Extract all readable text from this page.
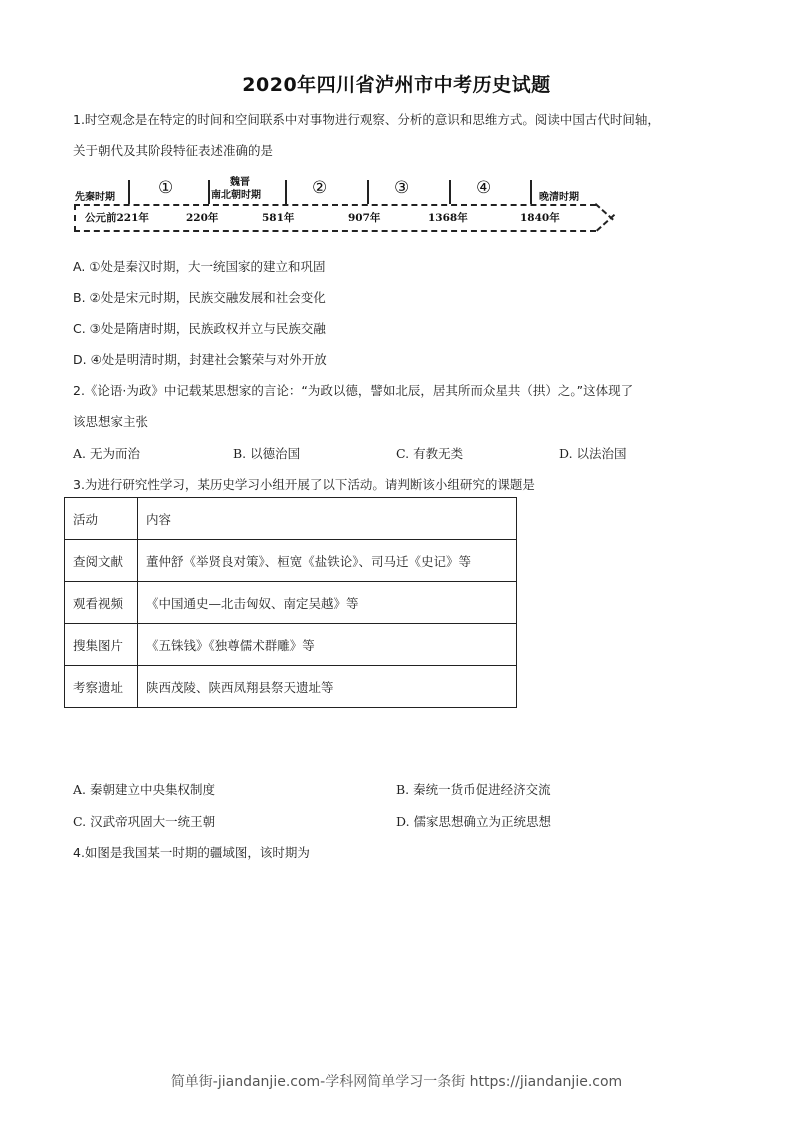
2020年四川省泸州市中考历史试题
1.时空观念是在特定的时间和空间联系中对事物进行观察、分析的意识和思维方式。阅读中国古代时间轴，
关于朝代及其阶段特征表述准确的是
先秦时期	①	魏晋
南北朝时期	②	③	④	晚清时期
公元前221年	220年	581年	907年	1368年	1840年
A. ①处是秦汉时期，大一统国家的建立和巩固
B. ②处是宋元时期，民族交融发展和社会变化
C. ③处是隋唐时期，民族政权并立与民族交融
D. ④处是明清时期，封建社会繁荣与对外开放
2.《论语·为政》中记载某思想家的言论：“为政以德，譬如北辰，居其所而众星共（拱）之。”这体现了
该思想家主张
A. 无为而治	B. 以德治国	C. 有教无类	D. 以法治国
3.为进行研究性学习，某历史学习小组开展了以下活动。请判断该小组研究的课题是
活动	内容
查阅文献	董仲舒《举贤良对策》、桓宽《盐铁论》、司马迁《史记》等
观看视频	《中国通史—北击匈奴、南定吴越》等
搜集图片	《五铢钱》《独尊儒术群雕》等
考察遗址	陕西茂陵、陕西凤翔县祭天遗址等
A. 秦朝建立中央集权制度	B. 秦统一货币促进经济交流
C. 汉武帝巩固大一统王朝	D. 儒家思想确立为正统思想
4.如图是我国某一时期的疆域图，该时期为
简单街-jiandanjie.com-学科网简单学习一条街 https://jiandanjie.com
